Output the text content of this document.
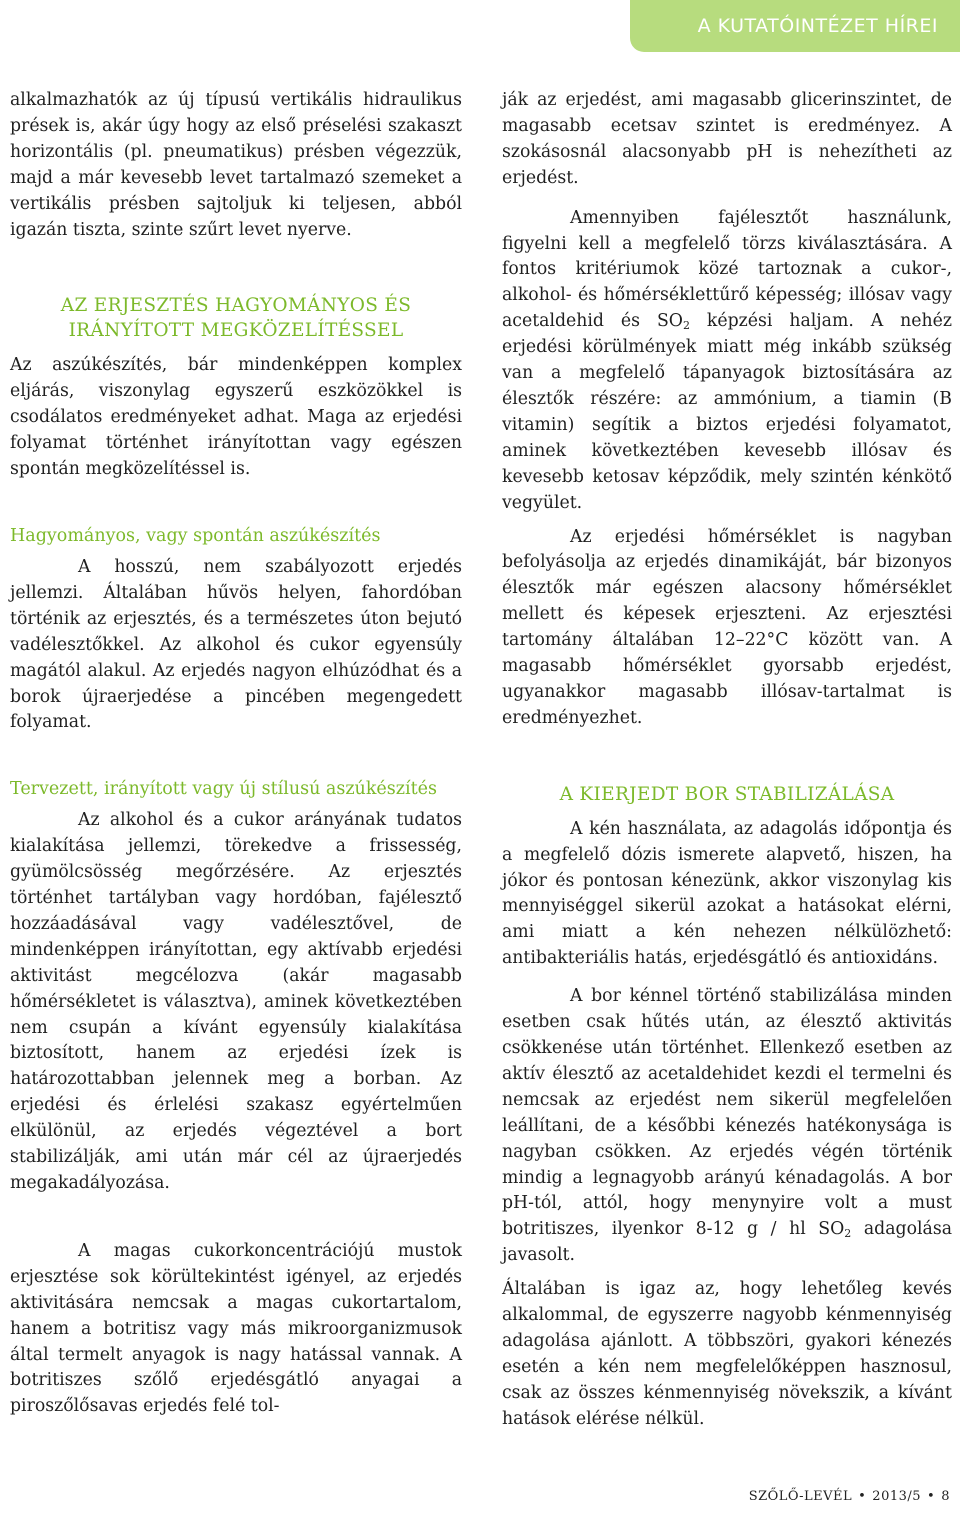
A KUTATÓINTÉZET HÍREI

alkalmazhatók az új típusú vertikális hidraulikus prések is, akár úgy hogy az első préselési szakaszt horizontális (pl. pneumatikus) présben végezzük, majd a már kevesebb levet tartalmazó szemeket a vertikális présben sajtoljuk ki teljesen, abból igazán tiszta, szinte szűrt levet nyerve.

AZ ERJESZTÉS HAGYOMÁNYOS ÉS IRÁNYÍTOTT MEGKÖZELÍTÉSSEL

Az aszúkészítés, bár mindenképpen komplex eljárás, viszonylag egyszerű eszközökkel is csodálatos eredményeket adhat. Maga az erjedési folyamat történhet irányítottan vagy egészen spontán megközelítéssel is.

Hagyományos, vagy spontán aszúkészítés

A hosszú, nem szabályozott erjedés jellemzi. Általában hűvös helyen, fahordóban történik az erjesztés, és a természetes úton bejutó vadélesztőkkel. Az alkohol és cukor egyensúly magától alakul. Az erjedés nagyon elhúzódhat és a borok újraerjedése a pincében megengedett folyamat.

Tervezett, irányított vagy új stílusú aszúkészítés

Az alkohol és a cukor arányának tudatos kialakítása jellemzi, törekedve a frissesség, gyümölcsösség megőrzésére. Az erjesztés történhet tartályban vagy hordóban, fajélesztő hozzáadásával vagy vadélesztővel, de mindenképpen irányítottan, egy aktívabb erjedési aktivitást megcélozva (akár magasabb hőmérsékletet is választva), aminek következtében nem csupán a kívánt egyensúly kialakítása biztosított, hanem az erjedési ízek is határozottabban jelennek meg a borban. Az erjedési és érlelési szakasz egyértelműen elkülönül, az erjedés végeztével a bort stabilizálják, ami után már cél az újraerjedés megakadályozása.

A magas cukorkoncentrációjú mustok erjesztése sok körültekintést igényel, az erjedés aktivitására nemcsak a magas cukortartalom, hanem a botritisz vagy más mikroorganizmusok által termelt anyagok is nagy hatással vannak. A botritiszes szőlő erjedésgátló anyagai a piroszőlősavas erjedés felé tol-

ják az erjedést, ami magasabb glicerinszintet, de magasabb ecetsav szintet is eredményez. A szokásosnál alacsonyabb pH is nehezítheti az erjedést.

Amennyiben fajélesztőt használunk, figyelni kell a megfelelő törzs kiválasztására. A fontos kritériumok közé tartoznak a cukor-, alkohol- és hőmérséklettűrő képesség; illósav vagy acetaldehid és $SO_2$ képzési haljam. A nehéz erjedési körülmények miatt még inkább szükség van a megfelelő tápanyagok biztosítására az élesztők részére: az ammónium, a tiamin (B vitamin) segítik a biztos erjedési folyamatot, aminek következtében kevesebb illósav és kevesebb ketosav képződik, mely szintén kénkötő vegyület.

Az erjedési hőmérséklet is nagyban befolyásolja az erjedés dinamikáját, bár bizonyos élesztők már egészen alacsony hőmérséklet mellett és képesek erjeszteni. Az erjesztési tartomány általában 12–22°C között van. A magasabb hőmérséklet gyorsabb erjedést, ugyanakkor magasabb illósav-tartalmat is eredményezhet.

A KIERJEDT BOR STABILIZÁLÁSA

A kén használata, az adagolás időpontja és a megfelelő dózis ismerete alapvető, hiszen, ha jókor és pontosan kénezünk, akkor viszonylag kis mennyiséggel sikerül azokat a hatásokat elérni, ami miatt a kén nehezen nélkülözhető: antibakteriális hatás, erjedésgátló és antioxidáns.

A bor kénnel történő stabilizálása minden esetben csak hűtés után, az élesztő aktivitás csökkenése után történhet. Ellenkező esetben az aktív élesztő az acetaldehidet kezdi el termelni és nemcsak az erjedést nem sikerül megfelelően leállítani, de a későbbi kénezés hatékonysága is nagyban csökken. Az erjedés végén történik mindig a legnagyobb arányú kénadagolás. A bor pH-tól, attól, hogy menynyire volt a must botritiszes, ilyenkor 8-12 g / hl $SO_2$ adagolása javasolt.

Általában is igaz az, hogy lehetőleg kevés alkalommal, de egyszerre nagyobb kénmennyiség adagolása ajánlott. A többszöri, gyakori kénezés esetén a kén nem megfelelőképpen hasznosul, csak az összes kénmennyiség növekszik, a kívánt hatások elérése nélkül.

SZŐLŐ-LEVÉL • 2013/5 • 8
